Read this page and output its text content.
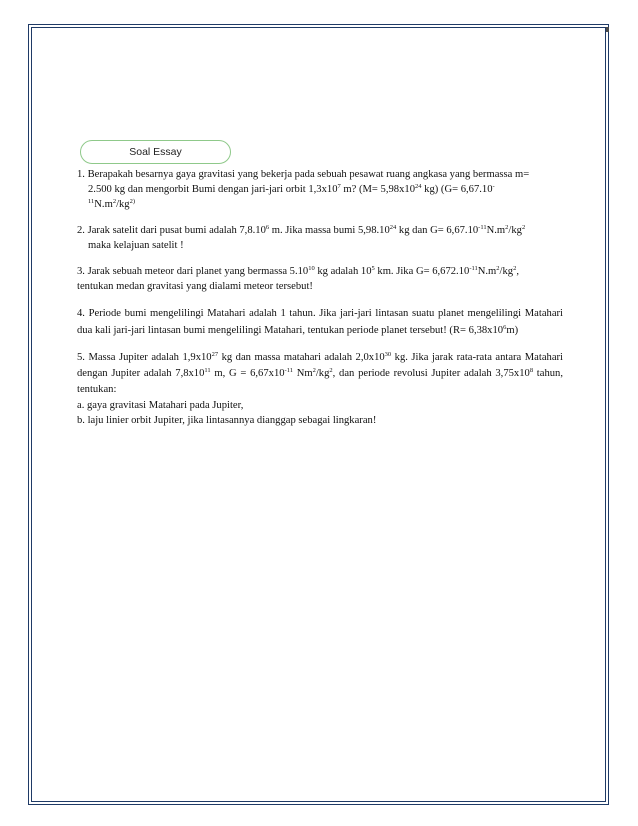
Soal Essay
1. Berapakah besarnya gaya gravitasi yang bekerja pada sebuah pesawat ruang angkasa yang bermassa m=
2.500 kg dan mengorbit Bumi dengan jari-jari orbit $1,3x10^7$ m? ($M= 5,98x10^{24}$ kg) (G= 6,67.10-
$^{11}N.m^2/kg^{2)}$
2. Jarak satelit dari pusat bumi adalah 7,8.10$^6$ m. Jika massa bumi 5,98.10$^{24}$ kg dan $G= 6,67.10^{-11}N.m^2/kg^2$
maka kelajuan satelit !
3. Jarak sebuah meteor dari planet yang bermassa 5.10$^{10}$ kg adalah $10^5$ km. Jika $G= 6,672.10^{-11}N.m^2/kg^2$,
tentukan medan gravitasi yang dialami meteor tersebut!
4. Periode bumi mengelilingi Matahari adalah 1 tahun. Jika jari-jari lintasan suatu planet mengelilingi Matahari dua kali jari-jari lintasan bumi mengelilingi Matahari, tentukan periode planet tersebut! $(R= 6,38x10^6m)$
5. Massa Jupiter adalah $1,9x10^{27}$ kg dan massa matahari adalah $2,0x10^{30}$ kg. Jika jarak rata-rata antara Matahari dengan Jupiter adalah $7,8x10^{11}$ m, $G = 6,67x10^{-11}$ $Nm^2/kg^2$, dan periode revolusi Jupiter adalah $3,75x10^8$ tahun, tentukan:
a. gaya gravitasi Matahari pada Jupiter,
b. laju linier orbit Jupiter, jika lintasannya dianggap sebagai lingkaran!
